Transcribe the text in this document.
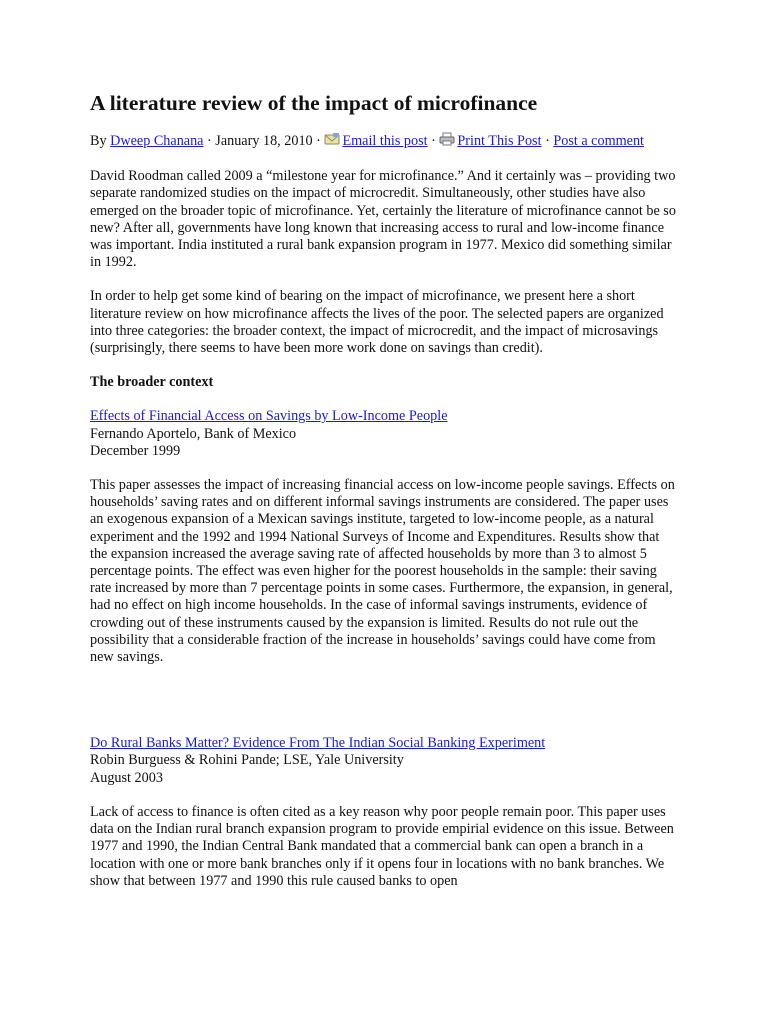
A literature review of the impact of microfinance
By Dweep Chanana · January 18, 2010 · Email this post · Print This Post · Post a comment

David Roodman called 2009 a “milestone year for microfinance.” And it certainly was – providing two separate randomized studies on the impact of microcredit. Simultaneously, other studies have also emerged on the broader topic of microfinance. Yet, certainly the literature of microfinance cannot be so new? After all, governments have long known that increasing access to rural and low-income finance was important. India instituted a rural bank expansion program in 1977. Mexico did something similar in 1992.

In order to help get some kind of bearing on the impact of microfinance, we present here a short literature review on how microfinance affects the lives of the poor. The selected papers are organized into three categories: the broader context, the impact of microcredit, and the impact of microsavings (surprisingly, there seems to have been more work done on savings than credit).

The broader context
Effects of Financial Access on Savings by Low-Income People
Fernando Aportelo, Bank of Mexico
December 1999

This paper assesses the impact of increasing financial access on low-income people savings. Effects on households’ saving rates and on different informal savings instruments are considered. The paper uses an exogenous expansion of a Mexican savings institute, targeted to low-income people, as a natural experiment and the 1992 and 1994 National Surveys of Income and Expenditures. Results show that the expansion increased the average saving rate of affected households by more than 3 to almost 5 percentage points. The effect was even higher for the poorest households in the sample: their saving rate increased by more than 7 percentage points in some cases. Furthermore, the expansion, in general, had no effect on high income households. In the case of informal savings instruments, evidence of crowding out of these instruments caused by the expansion is limited. Results do not rule out the possibility that a considerable fraction of the increase in households’ savings could have come from new savings.

Do Rural Banks Matter? Evidence From The Indian Social Banking Experiment
Robin Burguess & Rohini Pande; LSE, Yale University
August 2003

Lack of access to finance is often cited as a key reason why poor people remain poor. This paper uses data on the Indian rural branch expansion program to provide empirial evidence on this issue. Between 1977 and 1990, the Indian Central Bank mandated that a commercial bank can open a branch in a location with one or more bank branches only if it opens four in locations with no bank branches. We show that between 1977 and 1990 this rule caused banks to open
